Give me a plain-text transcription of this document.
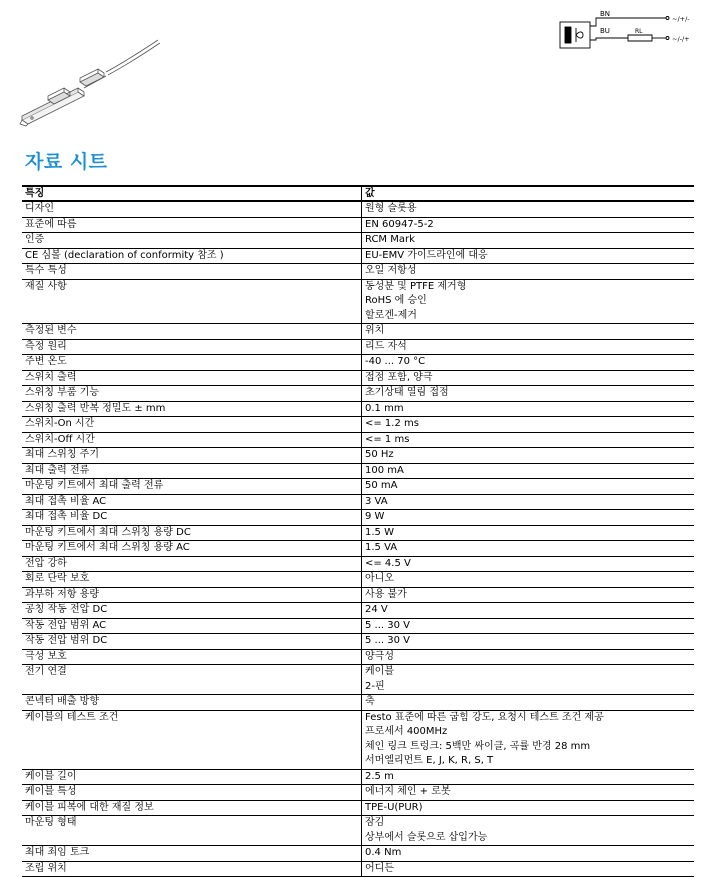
BN
BU	RL
~/+/-
~/-/+
자료 시트
특징	값
디자인	원형 슬롯용

표준에 따름	EN 60947-5-2

인증	RCM Mark

CE 심볼 (declaration of conformity 참조 )	EU-EMV 가이드라인에 대응

특수 특성	오일 저항성

재질 사항	동성분 및 PTFE 제거형
RoHS 에 승인
할로겐-제거

측정된 변수	위치

측정 원리	리드 자석

주변 온도	-40 ... 70 °C

스위치 출력	접점 포함, 양극

스위칭 부품 기능	초기상태 열림 접점

스위칭 출력 반복 정밀도 ± mm	0.1 mm

스위치-On 시간	<= 1.2 ms

스위치-Off 시간	<= 1 ms

최대 스위칭 주기	50 Hz

최대 출력 전류	100 mA

마운팅 키트에서 최대 출력 전류	50 mA

최대 접촉 비율 AC	3 VA

최대 접촉 비율 DC	9 W

마운팅 키트에서 최대 스위칭 용량 DC	1.5 W

마운팅 키트에서 최대 스위칭 용량 AC	1.5 VA

전압 강하	<= 4.5 V

회로 단락 보호	아니오

과부하 저항 용량	사용 불가

공칭 작동 전압 DC	24 V

작동 전압 범위 AC	5 ... 30 V

작동 전압 범위 DC	5 ... 30 V

극성 보호	양극성

전기 연결	케이블
2-핀

콘넥터 배출 방향	축

케이블의 테스트 조건	Festo 표준에 따른 굽힘 강도, 요청시 테스트 조건 제공
프로세서 400MHz
체인 링크 트렁크: 5백만 싸이클, 곡률 반경 28 mm
서머엘리먼트 E, J, K, R, S, T

케이블 길이	2.5 m

케이블 특성	에너지 체인 + 로봇

케이블 피복에 대한 재질 정보	TPE-U(PUR)

마운팅 형태	잠김
상부에서 슬롯으로 삽입가능

최대 죄임 토크	0.4 Nm

조립 위치	어디든
